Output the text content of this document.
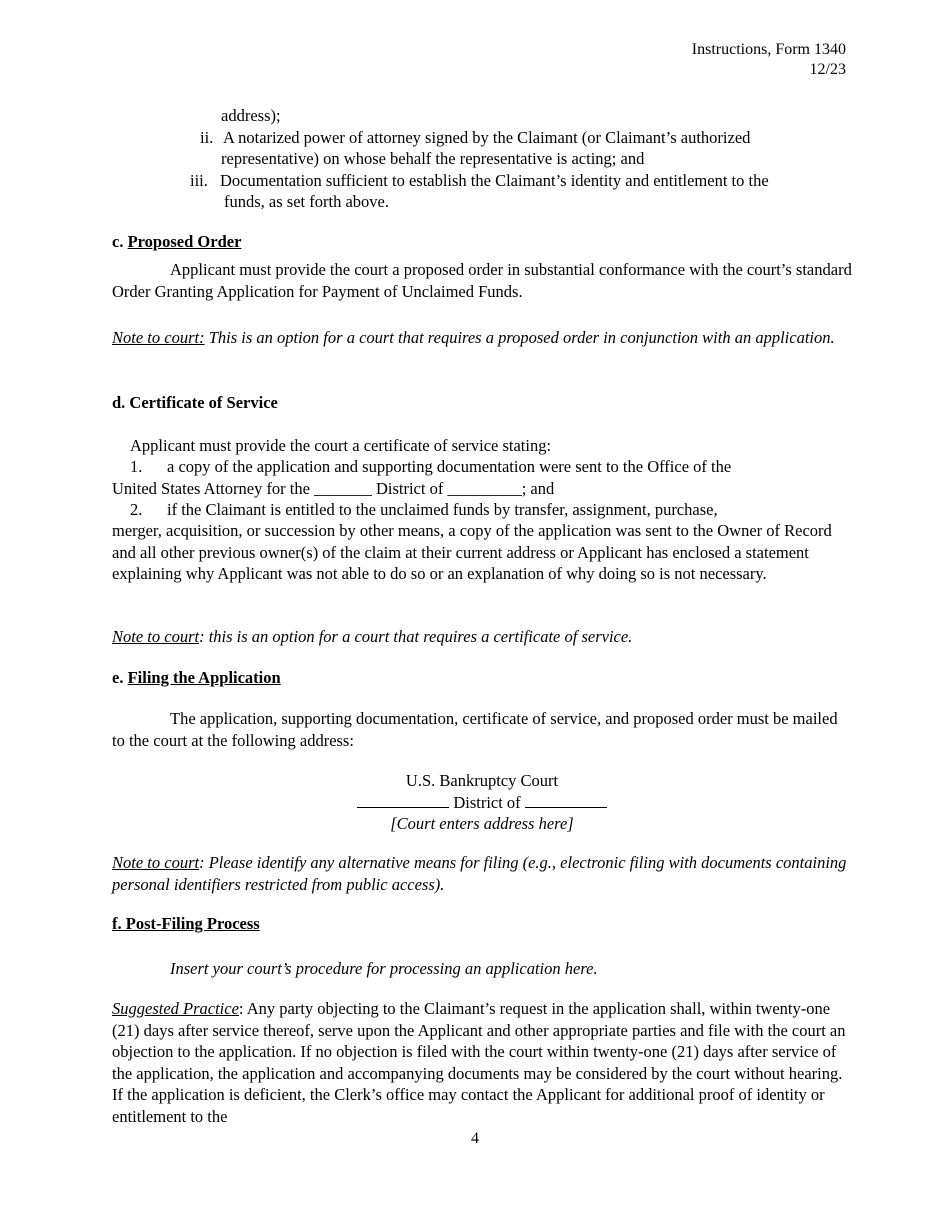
Instructions, Form 1340
12/23
address);
ii. A notarized power of attorney signed by the Claimant (or Claimant’s authorized
representative) on whose behalf the representative is acting; and
iii. Documentation sufficient to establish the Claimant’s identity and entitlement to the
funds, as set forth above.
c. Proposed Order
Applicant must provide the court a proposed order in substantial conformance with the court’s standard Order Granting Application for Payment of Unclaimed Funds.
Note to court: This is an option for a court that requires a proposed order in conjunction with an application.
d. Certificate of Service
Applicant must provide the court a certificate of service stating:
1. a copy of the application and supporting documentation were sent to the Office of the
United States Attorney for the _______ District of _________; and
2. if the Claimant is entitled to the unclaimed funds by transfer, assignment, purchase,
merger, acquisition, or succession by other means, a copy of the application was sent to the Owner of Record and all other previous owner(s) of the claim at their current address or Applicant has enclosed a statement explaining why Applicant was not able to do so or an explanation of why doing so is not necessary.
Note to court: this is an option for a court that requires a certificate of service.
e. Filing the Application
The application, supporting documentation, certificate of service, and proposed order must be mailed to the court at the following address:
U.S. Bankruptcy Court
District of
[Court enters address here]
Note to court: Please identify any alternative means for filing (e.g., electronic filing with documents containing personal identifiers restricted from public access).
f. Post-Filing Process
Insert your court’s procedure for processing an application here.
Suggested Practice: Any party objecting to the Claimant’s request in the application shall, within twenty-one (21) days after service thereof, serve upon the Applicant and other appropriate parties and file with the court an objection to the application. If no objection is filed with the court within twenty-one (21) days after service of the application, the application and accompanying documents may be considered by the court without hearing. If the application is deficient, the Clerk’s office may contact the Applicant for additional proof of identity or entitlement to the
4
